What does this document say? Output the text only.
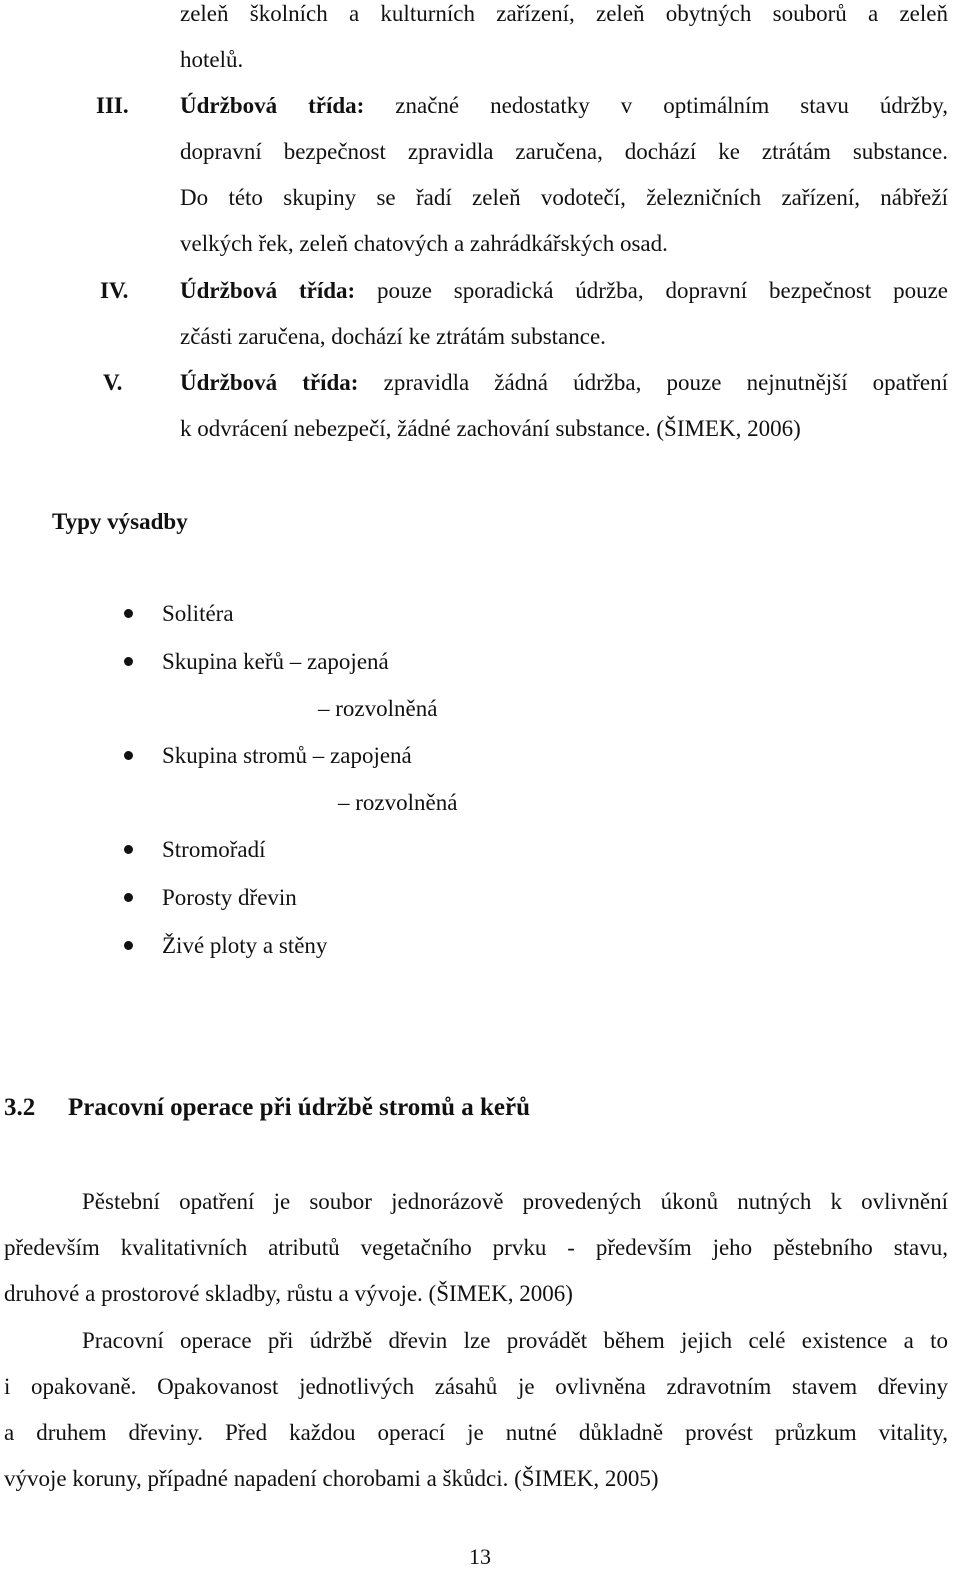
zeleň školních a kulturních zařízení, zeleň obytných souborů a zeleň
hotelů.
III. Údržbová třída: značné nedostatky v optimálním stavu údržby,
dopravní bezpečnost zpravidla zaručena, dochází ke ztrátám substance.
Do této skupiny se řadí zeleň vodotečí, železničních zařízení, nábřeží
velkých řek, zeleň chatových a zahrádkářských osad.
IV. Údržbová třída: pouze sporadická údržba, dopravní bezpečnost pouze
zčásti zaručena, dochází ke ztrátám substance.
V.	Údržbová třída: zpravidla žádná údržba, pouze nejnutnější opatření
k odvrácení nebezpečí, žádné zachování substance. (ŠIMEK, 2006)
Typy výsadby
Solitéra
Skupina keřů – zapojená
– rozvolněná
Skupina stromů – zapojená
– rozvolněná
Stromořadí
Porosty dřevin
Živé ploty a stěny
3.2 Pracovní operace při údržbě stromů a keřů
Pěstební opatření je soubor jednorázově provedených úkonů nutných k ovlivnění
především kvalitativních atributů vegetačního prvku - především jeho pěstebního stavu,
druhové a prostorové skladby, růstu a vývoje. (ŠIMEK, 2006)
Pracovní operace při údržbě dřevin lze provádět během jejich celé existence a to
i opakovaně. Opakovanost jednotlivých zásahů je ovlivněna zdravotním stavem dřeviny
a druhem dřeviny. Před každou operací je nutné důkladně provést průzkum vitality,
vývoje koruny, případné napadení chorobami a škůdci. (ŠIMEK, 2005)
13
